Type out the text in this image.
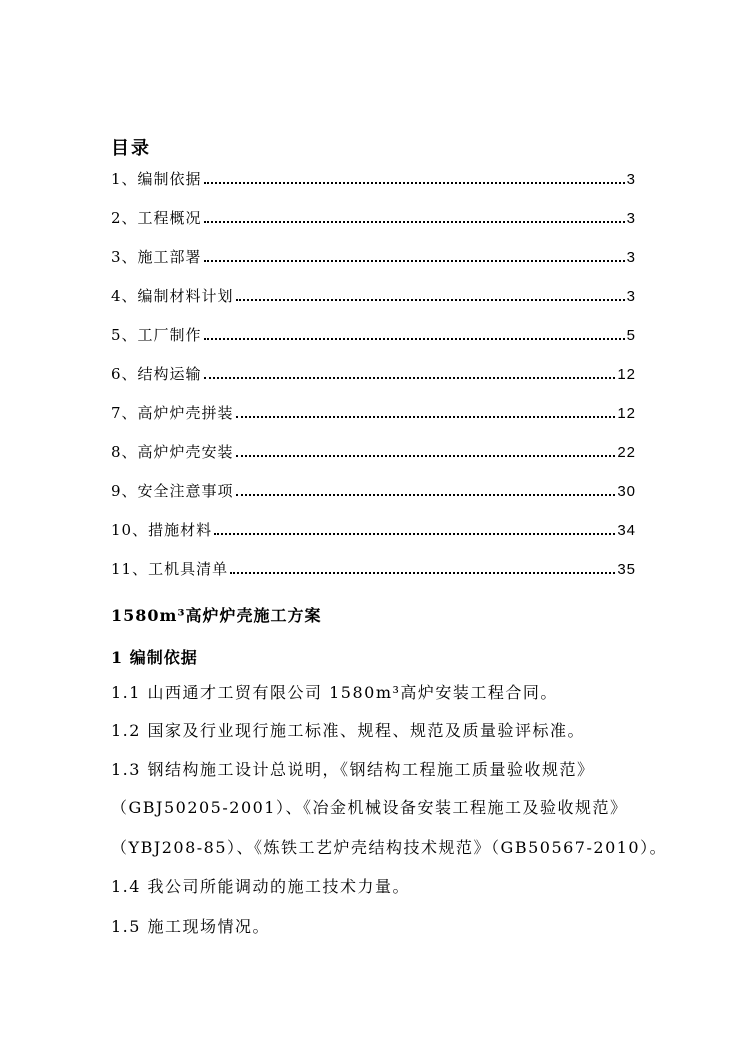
目录
1、编制依据	3
2、工程概况	3
3、施工部署	3
4、编制材料计划	3
5、工厂制作	5
6、结构运输	12
7、高炉炉壳拼装	12
8、高炉炉壳安装	22
9、安全注意事项	30
10、措施材料	34
11、工机具清单	35
1580m³高炉炉壳施工方案
1 编制依据

1.1 山西通才工贸有限公司 1580m³高炉安装工程合同。

1.2 国家及行业现行施工标准、规程、规范及质量验评标准。

1.3 钢结构施工设计总说明，《钢结构工程施工质量验收规范》

（GBJ50205-2001）、《冶金机械设备安装工程施工及验收规范》

（YBJ208-85）、《炼铁工艺炉壳结构技术规范》（GB50567-2010）。

1.4 我公司所能调动的施工技术力量。

1.5 施工现场情况。
